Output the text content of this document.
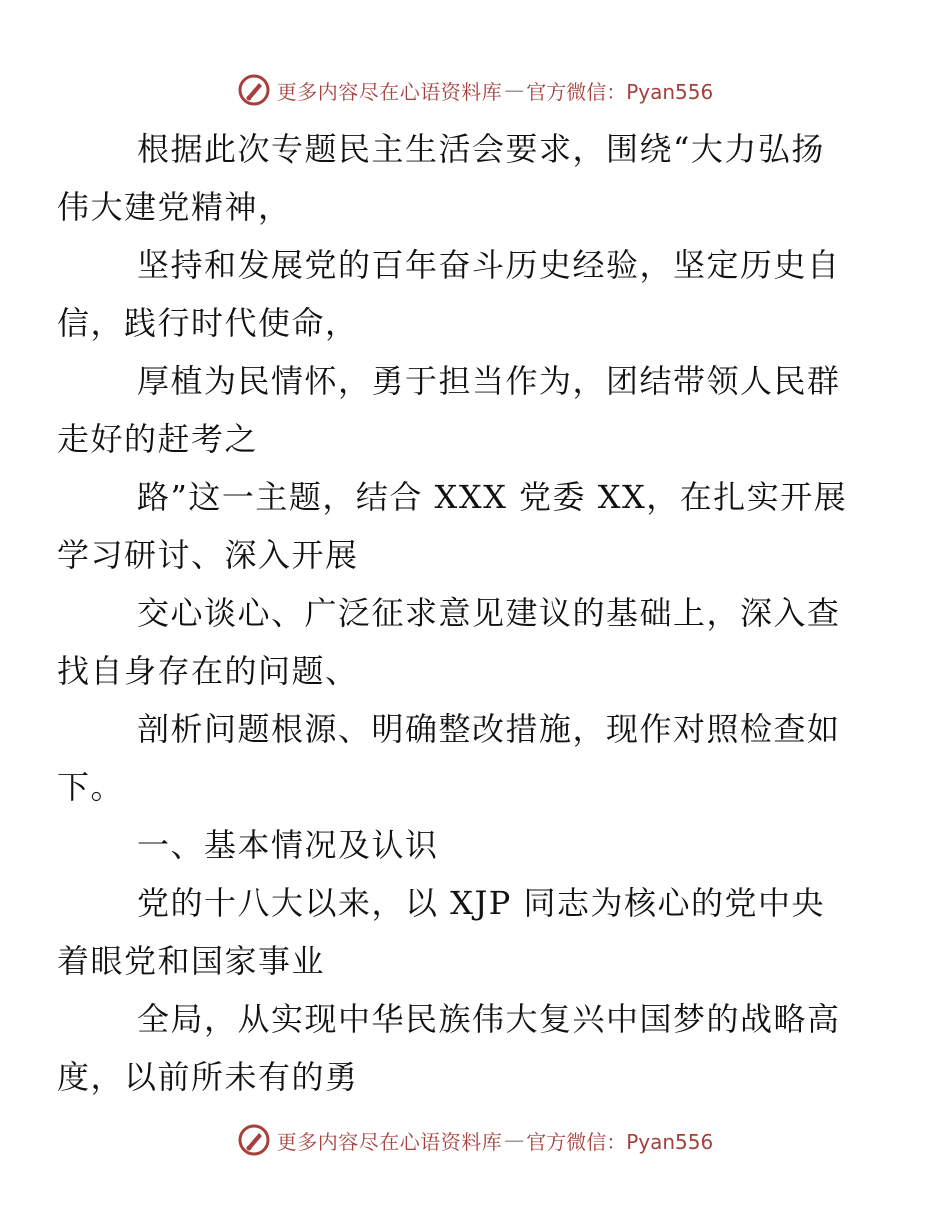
更多内容尽在心语资料库 — 官方微信：Pyan556

根据此次专题民主生活会要求，围绕“大力弘扬
伟大建党精神，

坚持和发展党的百年奋斗历史经验，坚定历史自
信，践行时代使命，

厚植为民情怀，勇于担当作为，团结带领人民群
走好的赶考之

路”这一主题，结合 XXX 党委 XX，在扎实开展
学习研讨、深入开展

交心谈心、广泛征求意见建议的基础上，深入查
找自身存在的问题、

剖析问题根源、明确整改措施，现作对照检查如
下。

一、基本情况及认识

党的十八大以来，以 XJP 同志为核心的党中央
着眼党和国家事业

全局，从实现中华民族伟大复兴中国梦的战略高
度，以前所未有的勇

更多内容尽在心语资料库 — 官方微信：Pyan556
